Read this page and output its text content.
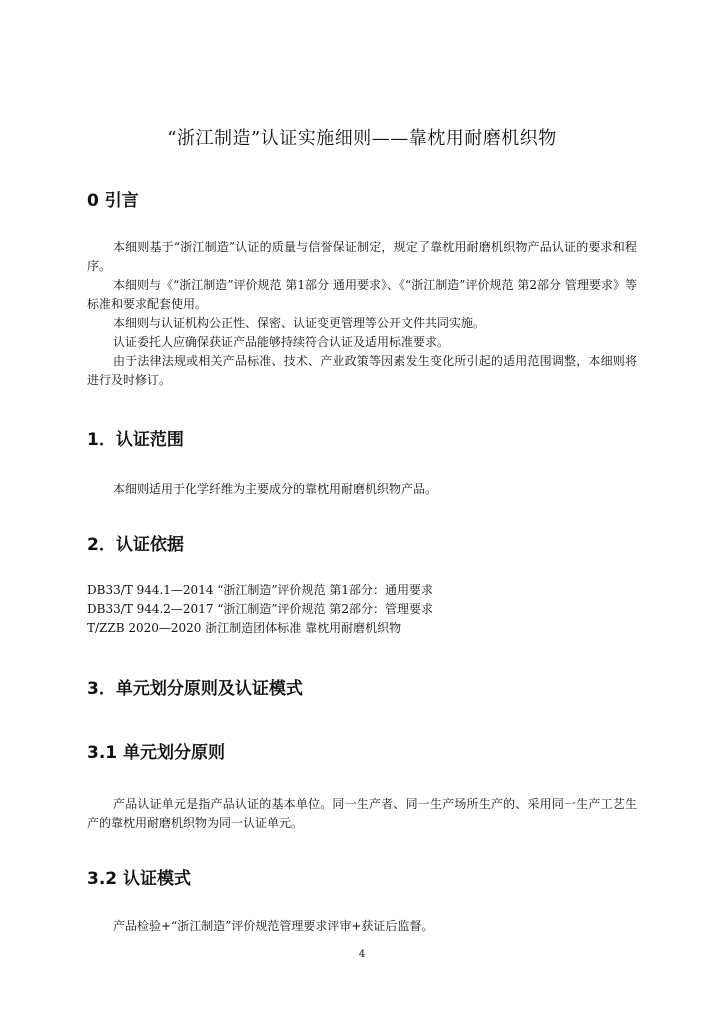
“浙江制造”认证实施细则——靠枕用耐磨机织物
0 引言
本细则基于“浙江制造”认证的质量与信誉保证制定，规定了靠枕用耐磨机织物产品认证的要求和程序。
本细则与《“浙江制造”评价规范 第1部分 通用要求》、《“浙江制造”评价规范 第2部分 管理要求》等标准和要求配套使用。
本细则与认证机构公正性、保密、认证变更管理等公开文件共同实施。
认证委托人应确保获证产品能够持续符合认证及适用标准要求。
由于法律法规或相关产品标准、技术、产业政策等因素发生变化所引起的适用范围调整，本细则将进行及时修订。
1．认证范围
本细则适用于化学纤维为主要成分的靠枕用耐磨机织物产品。
2．认证依据
DB33/T 944.1—2014 “浙江制造”评价规范 第1部分：通用要求
DB33/T 944.2—2017 “浙江制造”评价规范 第2部分：管理要求
T/ZZB 2020—2020 浙江制造团体标准 靠枕用耐磨机织物
3．单元划分原则及认证模式
3.1 单元划分原则
产品认证单元是指产品认证的基本单位。同一生产者、同一生产场所生产的、采用同一生产工艺生产的靠枕用耐磨机织物为同一认证单元。
3.2 认证模式
产品检验+“浙江制造”评价规范管理要求评审+获证后监督。
4
